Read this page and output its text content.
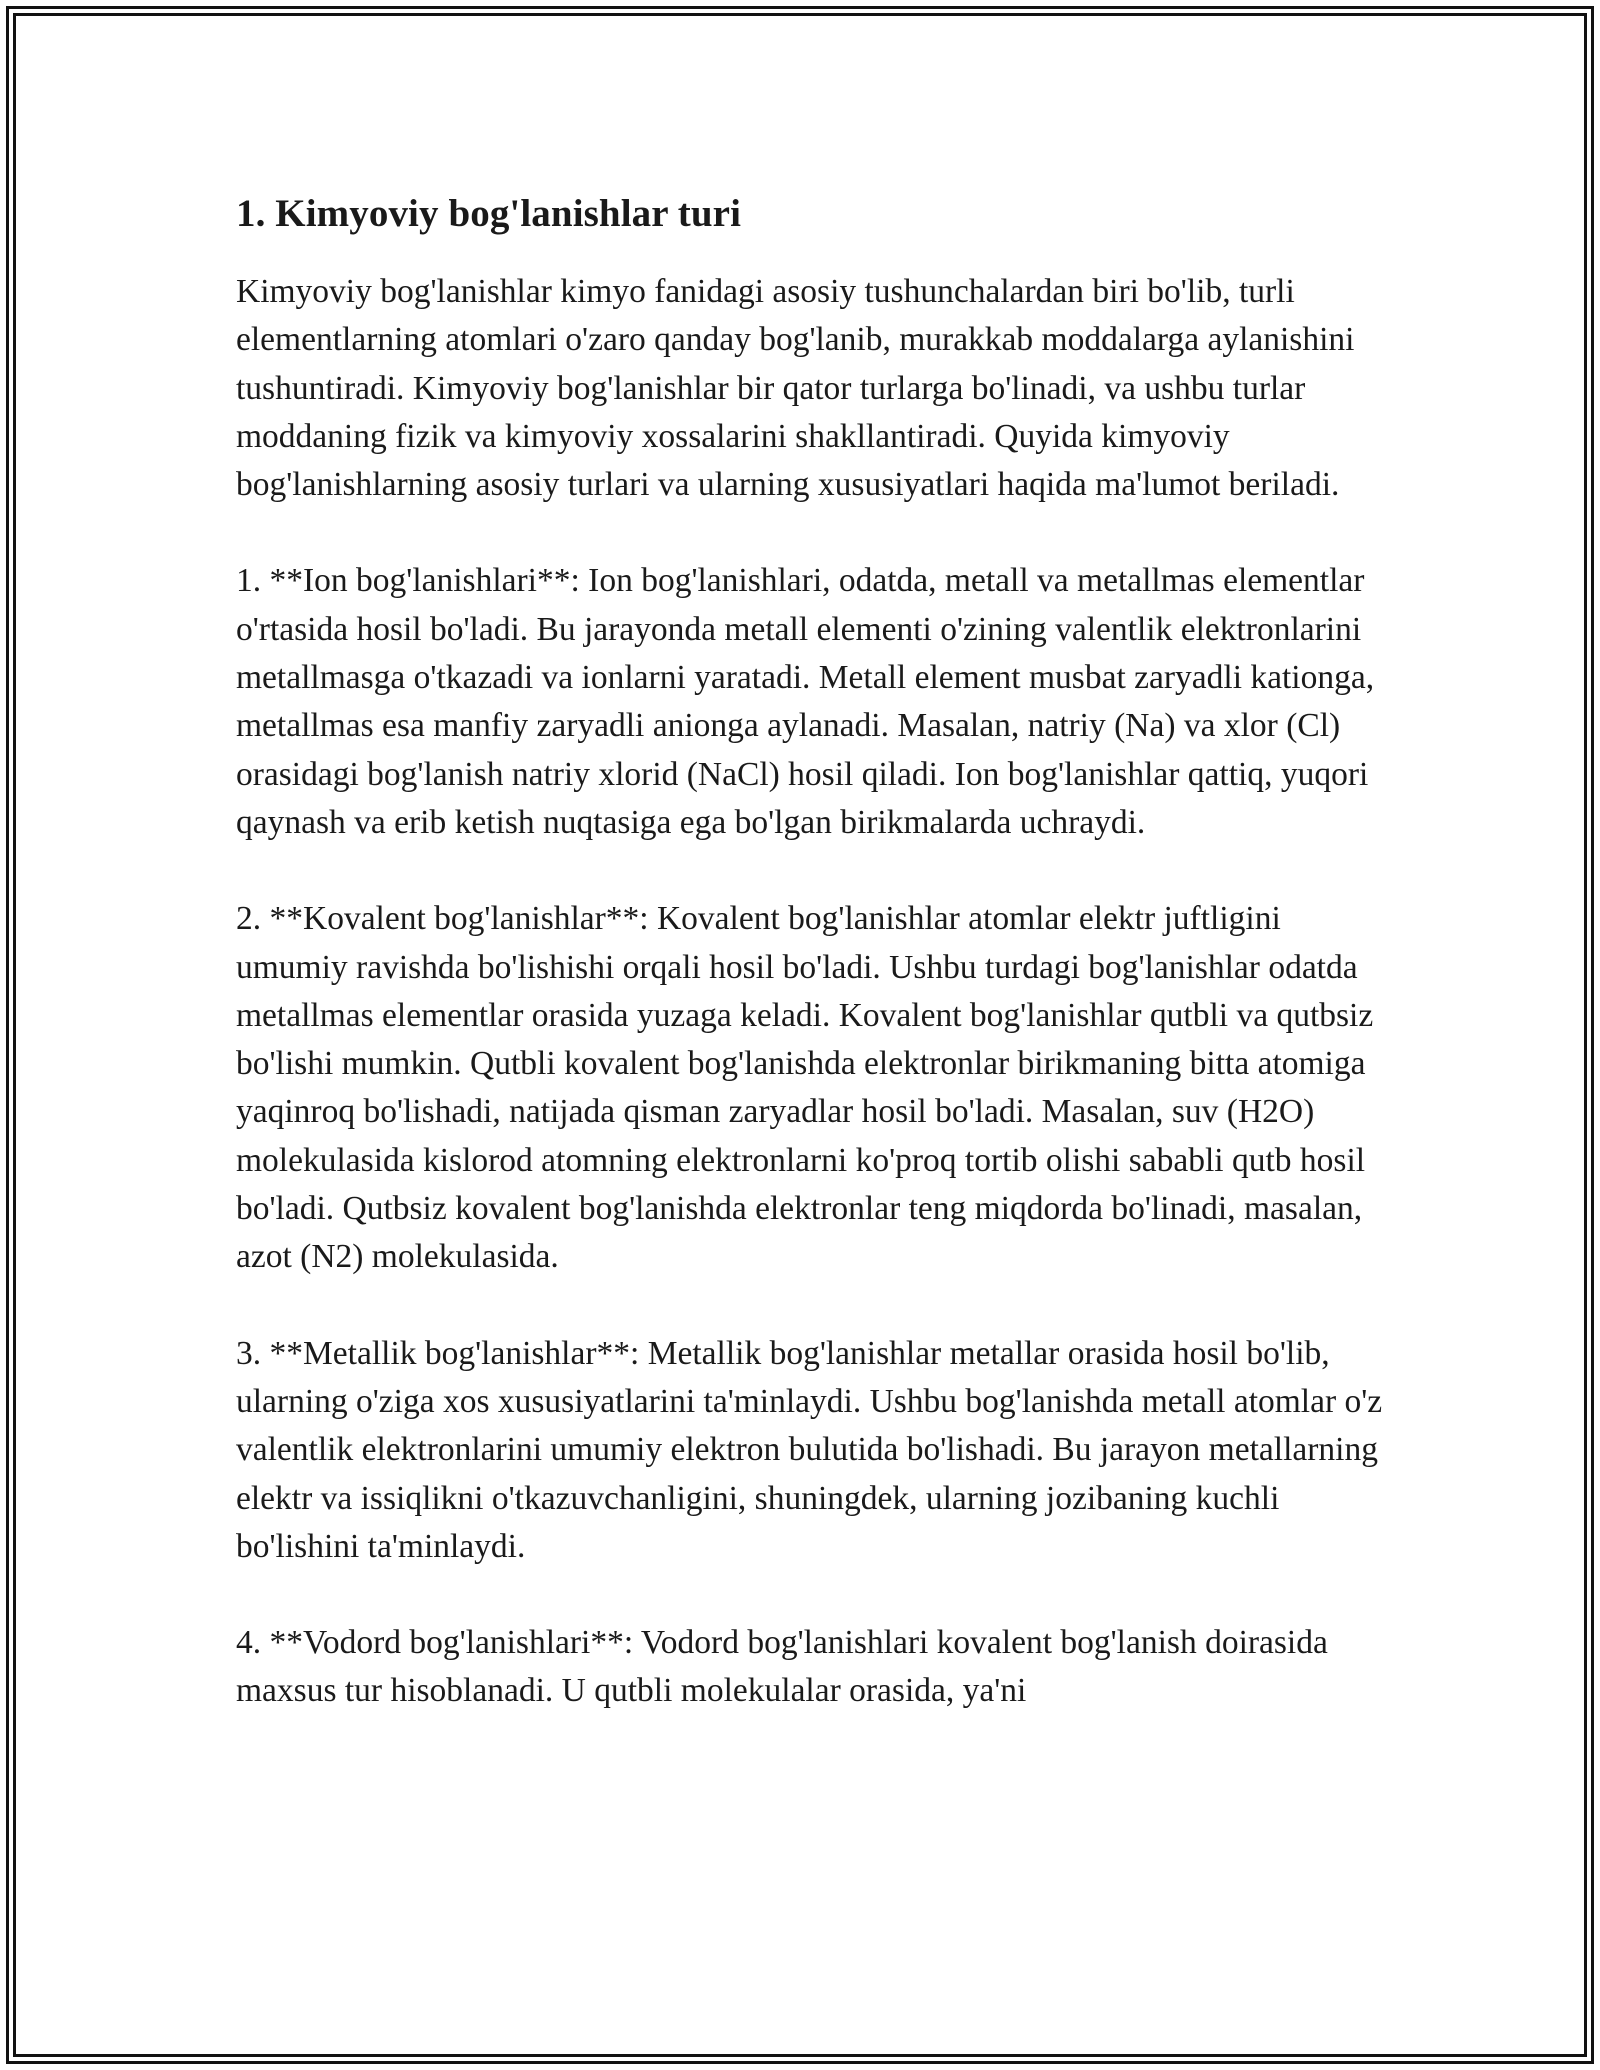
1. Kimyoviy bog'lanishlar turi

Kimyoviy bog'lanishlar kimyo fanidagi asosiy tushunchalardan biri bo'lib, turli elementlarning atomlari o'zaro qanday bog'lanib, murakkab moddalarga aylanishini tushuntiradi. Kimyoviy bog'lanishlar bir qator turlarga bo'linadi, va ushbu turlar moddaning fizik va kimyoviy xossalarini shakllantiradi. Quyida kimyoviy bog'lanishlarning asosiy turlari va ularning xususiyatlari haqida ma'lumot beriladi.

1. **Ion bog'lanishlari**: Ion bog'lanishlari, odatda, metall va metallmas elementlar o'rtasida hosil bo'ladi. Bu jarayonda metall elementi o'zining valentlik elektronlarini metallmasga o'tkazadi va ionlarni yaratadi. Metall element musbat zaryadli kationga, metallmas esa manfiy zaryadli anionga aylanadi. Masalan, natriy (Na) va xlor (Cl) orasidagi bog'lanish natriy xlorid (NaCl) hosil qiladi. Ion bog'lanishlar qattiq, yuqori qaynash va erib ketish nuqtasiga ega bo'lgan birikmalarda uchraydi.

2. **Kovalent bog'lanishlar**: Kovalent bog'lanishlar atomlar elektr juftligini umumiy ravishda bo'lishishi orqali hosil bo'ladi. Ushbu turdagi bog'lanishlar odatda metallmas elementlar orasida yuzaga keladi. Kovalent bog'lanishlar qutbli va qutbsiz bo'lishi mumkin. Qutbli kovalent bog'lanishda elektronlar birikmaning bitta atomiga yaqinroq bo'lishadi, natijada qisman zaryadlar hosil bo'ladi. Masalan, suv (H2O) molekulasida kislorod atomning elektronlarni ko'proq tortib olishi sababli qutb hosil bo'ladi. Qutbsiz kovalent bog'lanishda elektronlar teng miqdorda bo'linadi, masalan, azot (N2) molekulasida.

3. **Metallik bog'lanishlar**: Metallik bog'lanishlar metallar orasida hosil bo'lib, ularning o'ziga xos xususiyatlarini ta'minlaydi. Ushbu bog'lanishda metall atomlar o'z valentlik elektronlarini umumiy elektron bulutida bo'lishadi. Bu jarayon metallarning elektr va issiqlikni o'tkazuvchanligini, shuningdek, ularning jozibaning kuchli bo'lishini ta'minlaydi.

4. **Vodord bog'lanishlari**: Vodord bog'lanishlari kovalent bog'lanish doirasida maxsus tur hisoblanadi. U qutbli molekulalar orasida, ya'ni
